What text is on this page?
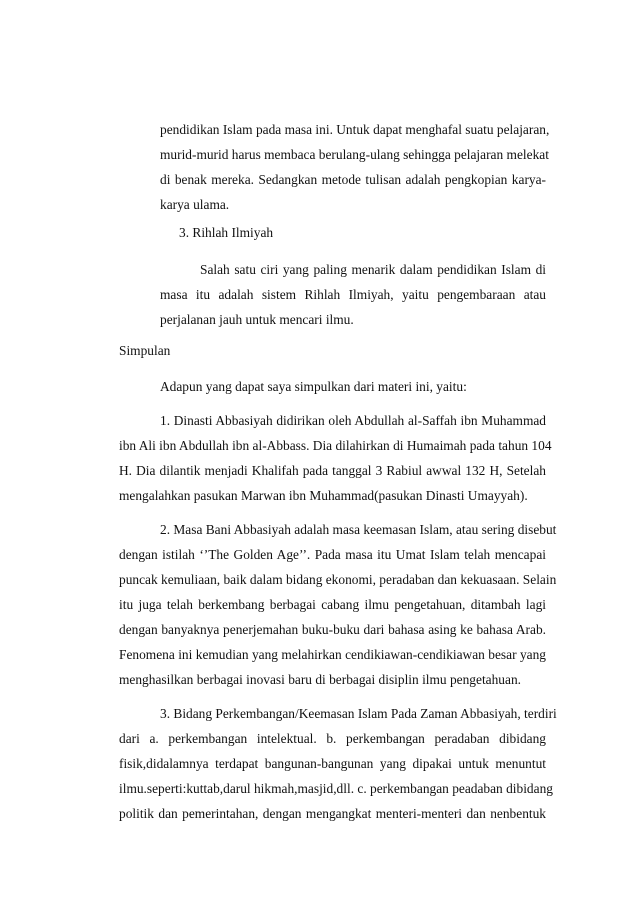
pendidikan Islam pada masa ini. Untuk dapat menghafal suatu pelajaran,
murid-murid harus membaca berulang-ulang sehingga pelajaran melekat
di benak mereka. Sedangkan metode tulisan adalah pengkopian karya-
karya ulama.
3. Rihlah Ilmiyah
Salah satu ciri yang paling menarik dalam pendidikan Islam di
masa itu adalah sistem Rihlah Ilmiyah, yaitu pengembaraan atau
perjalanan jauh untuk mencari ilmu.
Simpulan
Adapun yang dapat saya simpulkan dari materi ini, yaitu:
1. Dinasti Abbasiyah didirikan oleh Abdullah al-Saffah ibn Muhammad
ibn Ali ibn Abdullah ibn al-Abbass. Dia dilahirkan di Humaimah pada tahun 104
H. Dia dilantik menjadi Khalifah pada tanggal 3 Rabiul awwal 132 H, Setelah
mengalahkan pasukan Marwan ibn Muhammad(pasukan Dinasti Umayyah).
2. Masa Bani Abbasiyah adalah masa keemasan Islam, atau sering disebut
dengan istilah ‘’The Golden Age’’. Pada masa itu Umat Islam telah mencapai
puncak kemuliaan, baik dalam bidang ekonomi, peradaban dan kekuasaan. Selain
itu juga telah berkembang berbagai cabang ilmu pengetahuan, ditambah lagi
dengan banyaknya penerjemahan buku-buku dari bahasa asing ke bahasa Arab.
Fenomena ini kemudian yang melahirkan cendikiawan-cendikiawan besar yang
menghasilkan berbagai inovasi baru di berbagai disiplin ilmu pengetahuan.
3. Bidang Perkembangan/Keemasan Islam Pada Zaman Abbasiyah, terdiri
dari a. perkembangan intelektual. b. perkembangan peradaban dibidang
fisik,didalamnya terdapat bangunan-bangunan yang dipakai untuk menuntut
ilmu.seperti:kuttab,darul hikmah,masjid,dll. c. perkembangan peadaban dibidang
politik dan pemerintahan, dengan mengangkat menteri-menteri dan nenbentuk
